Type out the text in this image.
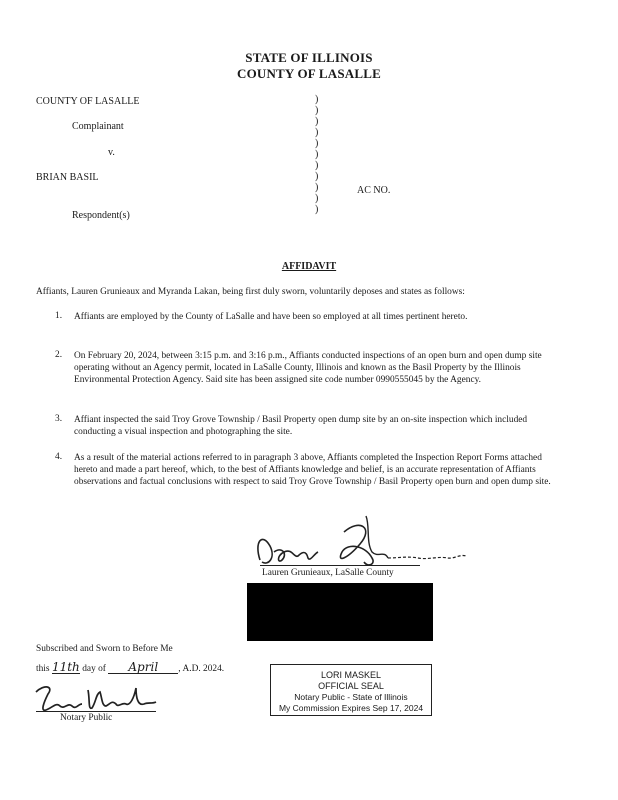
STATE OF ILLINOIS
COUNTY OF LASALLE
COUNTY OF LASALLE
Complainant
v.
BRIAN BASIL
Respondent(s)
AC NO.
)
)
)
)
)
)
)
)
)
)
)
AFFIDAVIT
Affiants, Lauren Grunieaux and Myranda Lakan, being first duly sworn, voluntarily deposes and states as follows:
1. Affiants are employed by the County of LaSalle and have been so employed at all times pertinent hereto.
2. On February 20, 2024, between 3:15 p.m. and 3:16 p.m., Affiants conducted inspections of an open burn and open dump site operating without an Agency permit, located in LaSalle County, Illinois and known as the Basil Property by the Illinois Environmental Protection Agency. Said site has been assigned site code number 0990555045 by the Agency.
3. Affiant inspected the said Troy Grove Township / Basil Property open dump site by an on-site inspection which included conducting a visual inspection and photographing the site.
4. As a result of the material actions referred to in paragraph 3 above, Affiants completed the Inspection Report Forms attached hereto and made a part hereof, which, to the best of Affiants knowledge and belief, is an accurate representation of Affiants observations and factual conclusions with respect to said Troy Grove Township / Basil Property open burn and open dump site.
Lauren Grunieaux, LaSalle County
Subscribed and Sworn to Before Me
this 11th day of April , A.D. 2024.
Notary Public
LORI MASKEL
OFFICIAL SEAL
Notary Public - State of Illinois
My Commission Expires Sep 17, 2024
